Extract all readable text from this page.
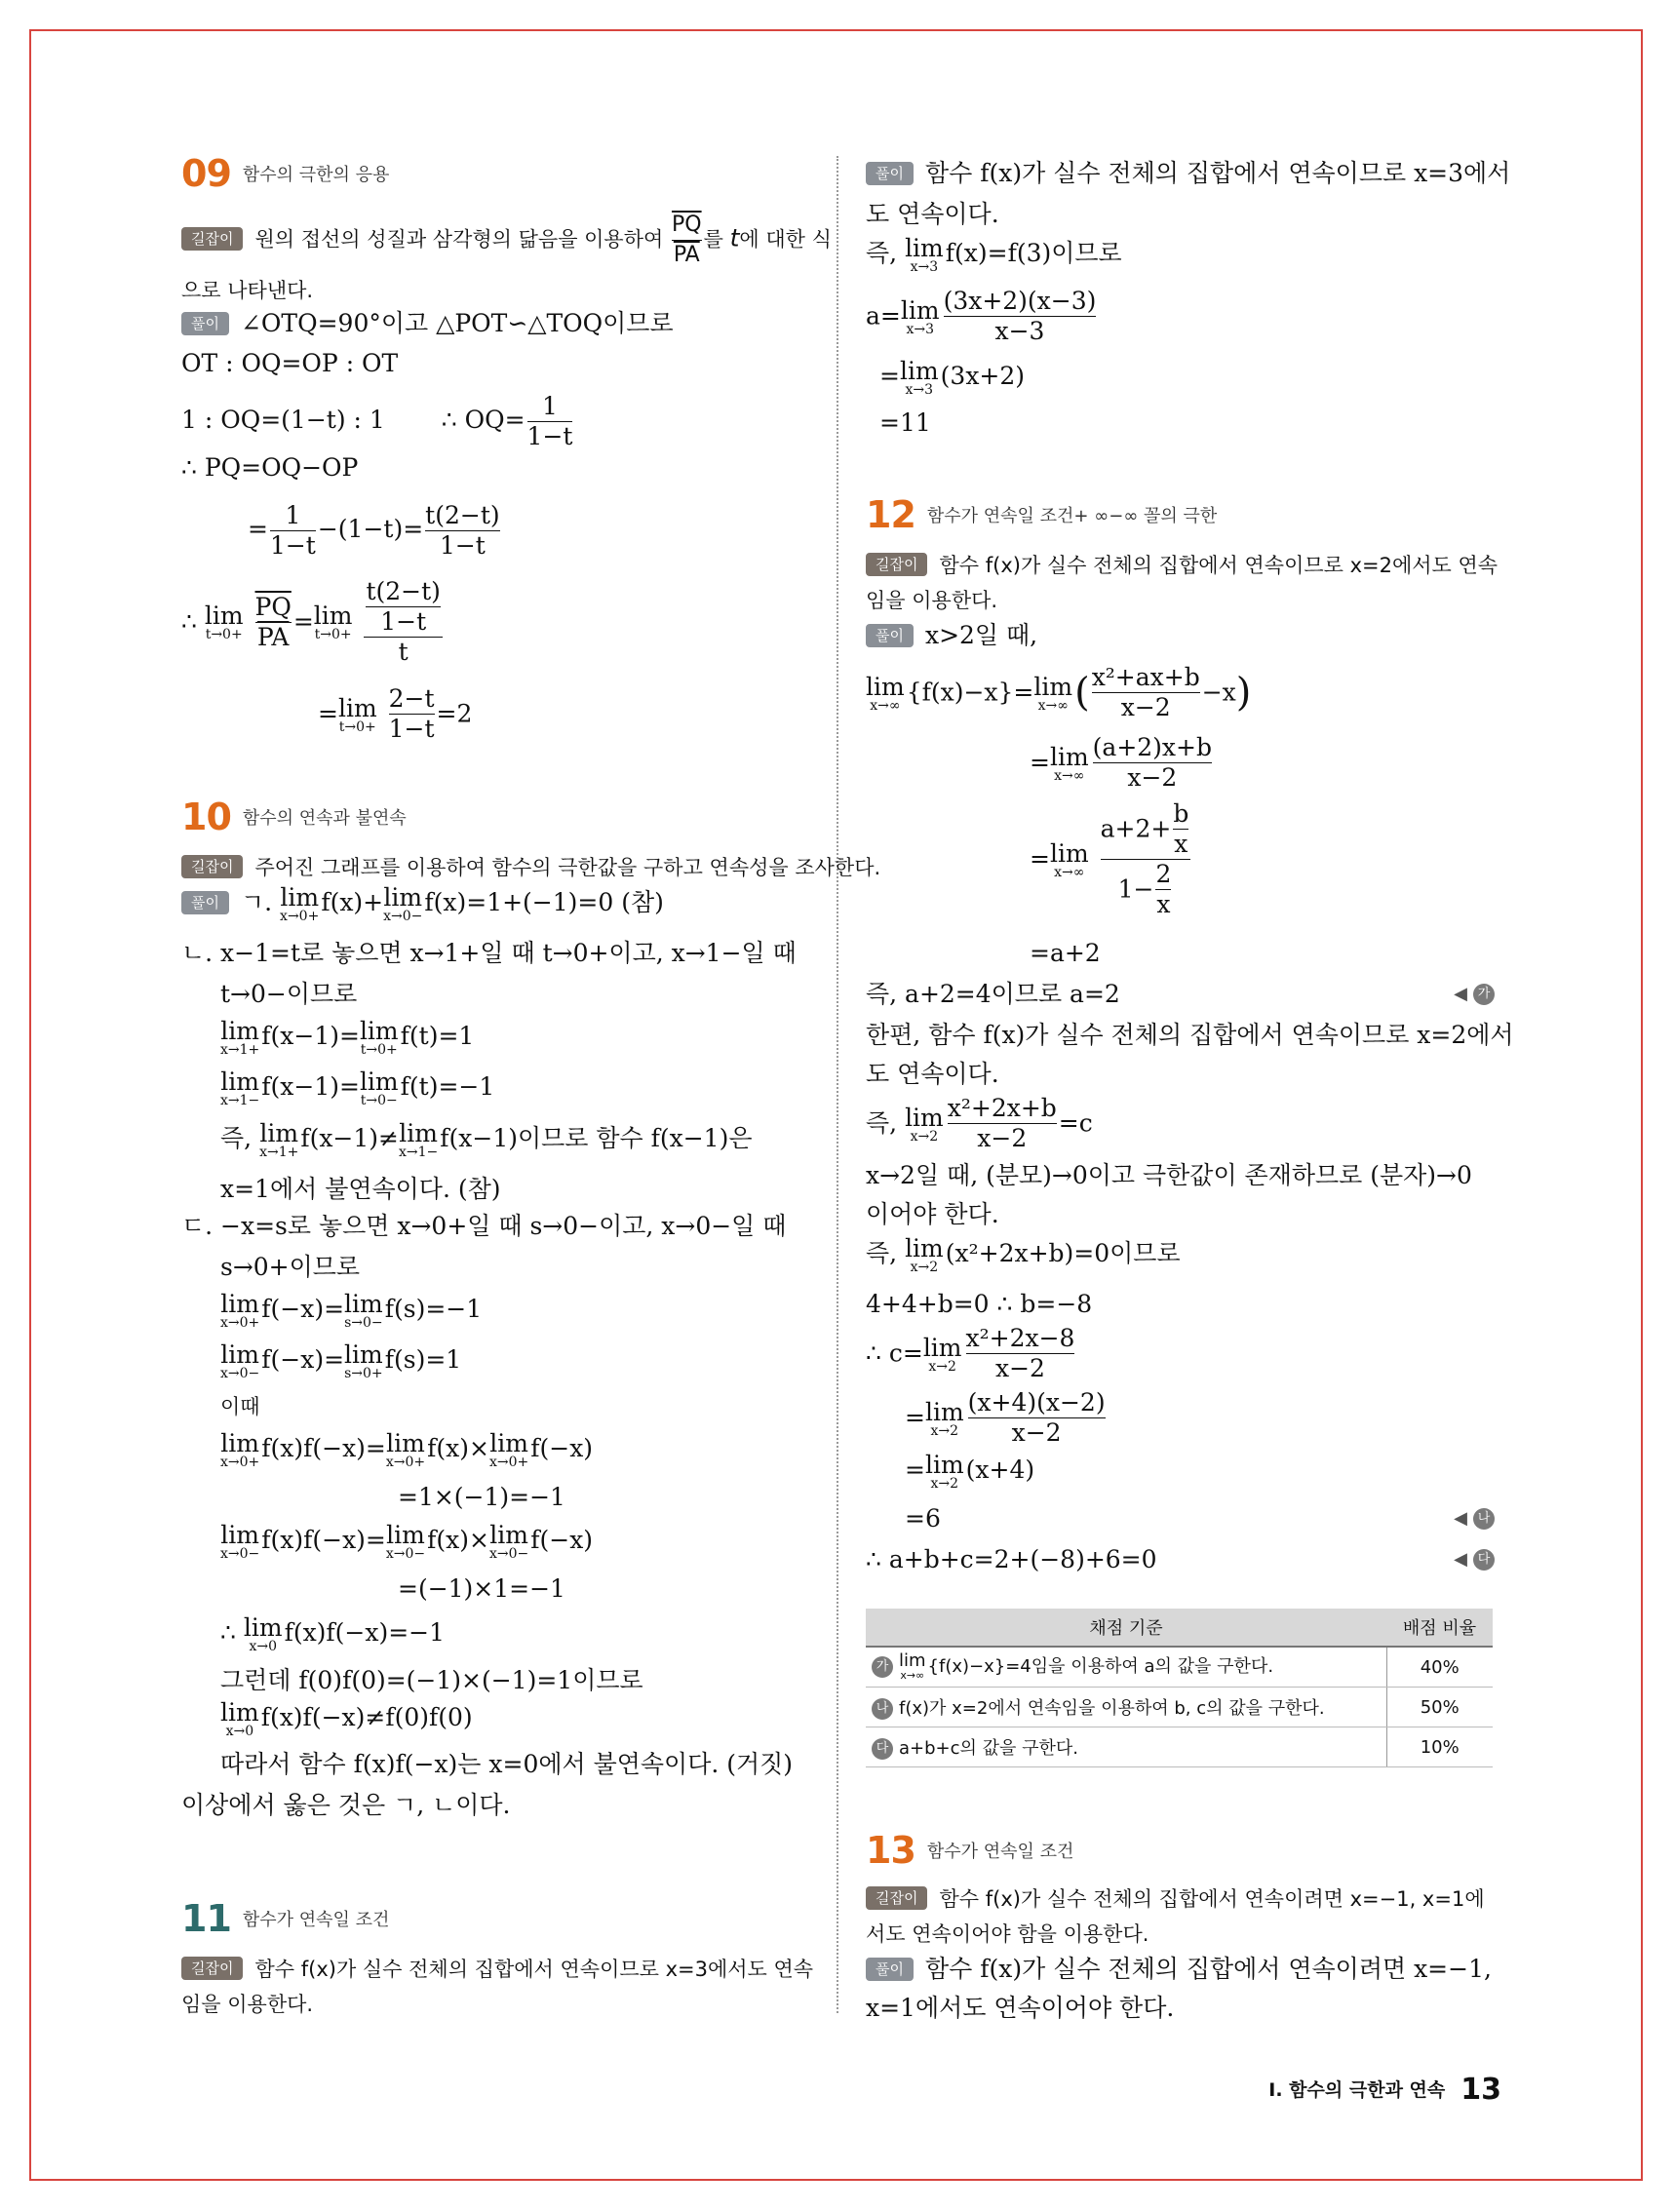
09 $^{함수의 극한의 응용}$
길잡이 원의 접선의 성질과 삼각형의 닮음을 이용하여 $\frac{\overline{PQ}}{PA}$ 를 t에 대한 식
으로 나타낸다.
풀이 ∠OTQ=90°이고 △POT∽△TOQ이므로
OT : OQ=OP : OT
1 : OQ=(1−t) : 1 ∴ $OQ= \frac{1}{1-t}$
∴ PQ=OQ−OP
= $\frac{1}{1-t} -(1-t)= \frac{t(2-t)}{1-t}$
∴ lim
t→0+
$\frac{\overline{PQ}}{PA} = \lim$
t→0+
$\frac{\frac{t(2-t)}{1-t}}{t}$
= lim
t→0+
$\frac{2-t}{1-t} =2$
10 $^{함수의 연속과 불연속}$
길잡이 주어진 그래프를 이용하여 함수의 극한값을 구하고 연속성을 조사한다.
풀이 ㄱ. lim
x→0+ f(x)+ lim
x→0− f(x)=1+(−1)=0 (참)
ㄴ. x−1=t로 놓으면 x→1+일 때 t→0+이고, x→1−일 때
t→0−이므로
lim
x→1+ f(x−1)= lim
t→0+ f(t)=1
lim
x→1− f(x−1)= lim
t→0− f(t)=−1
즉, lim
x→1+ f(x−1)≠ lim
x→1− f(x−1)이므로 함수 f(x−1)은
x=1에서 불연속이다. (참)
ㄷ. −x=s로 놓으면 x→0+일 때 s→0−이고, x→0−일 때
s→0+이므로
lim
x→0+ f(−x)= lim
s→0− f(s)=−1
lim
x→0− f(−x)= lim
s→0+ f(s)=1
이때
lim
x→0+ f(x)f(−x)= lim
x→0+ f(x)× lim
x→0+ f(−x)
=1×(−1)=−1
lim
x→0− f(x)f(−x)= lim
x→0− f(x)× lim
x→0− f(−x)
=(−1)×1=−1
∴ lim
x→0 f(x)f(−x)=−1
그런데 f(0)f(0)=(−1)×(−1)=1이므로
lim
x→0 f(x)f(−x)≠f(0)f(0)
따라서 함수 f(x)f(−x)는 x=0에서 불연속이다. (거짓)
이상에서 옳은 것은 ㄱ, ㄴ이다.
11 $^{함수가 연속일 조건}$
길잡이 함수 f(x)가 실수 전체의 집합에서 연속이므로 x=3에서도 연속
임을 이용한다.
풀이 함수 f(x)가 실수 전체의 집합에서 연속이므로 x=3에서
도 연속이다.
즉, lim
x→3 f(x)=f(3)이므로
a= lim
$x\to 3 \frac{(3x+2)(x-3)}{x-3}$
= lim
x→3 (3x+2)
=11
12 $^{함수가 연속일 조건+ \infty-\infty 꼴의 극한}$
길잡이 함수 f(x)가 실수 전체의 집합에서 연속이므로 x=2에서도 연속
임을 이용한다.
풀이 x>2일 때,
lim
x→∞ {f(x)−x}= lim
x→∞ ( $\frac{\text{x²+ax+b}}{x-2} -x$)
= lim
$x\to\infty \frac{(a+2)x+b}{x-2}$
= lim
x→∞
$\frac{a+2+ \frac{b}{x}}{1- \frac{2}{x}}$
=a+2
즉, a+2=4이므로 a=2	◀ 가
한편, 함수 f(x)가 실수 전체의 집합에서 연속이므로 x=2에서
도 연속이다.
즉, lim
$x\to 2 \frac{\text{x²+2x+b}}{x-2} =c$
x→2일 때, (분모)→0이고 극한값이 존재하므로 (분자)→0
이어야 한다.
즉, lim
x→2 (x²+2x+b)=0이므로
4+4+b=0 ∴ b=−8
∴ c= lim
$x\to 2 \frac{\text{x²+2x−8}}{x-2}$
= lim
$x\to 2 \frac{(x+4)(x-2)}{x-2}$
= lim
x→2 (x+4)
=6	◀ 나
∴ a+b+c=2+(−8)+6=0	◀ 다
채점 기준	배점 비율
가 lim
x→∞ {f(x)−x}=4임을 이용하여 a의 값을 구한다.	40%
나 f(x)가 x=2에서 연속임을 이용하여 b, c의 값을 구한다.	50%
다 a+b+c의 값을 구한다.	10%
13 $^{함수가 연속일 조건}$
길잡이 함수 f(x)가 실수 전체의 집합에서 연속이려면 x=−1, x=1에
서도 연속이어야 함을 이용한다.
풀이 함수 f(x)가 실수 전체의 집합에서 연속이려면 x=−1,
x=1에서도 연속이어야 한다.
Ⅰ. 함수의 극한과 연속 13
